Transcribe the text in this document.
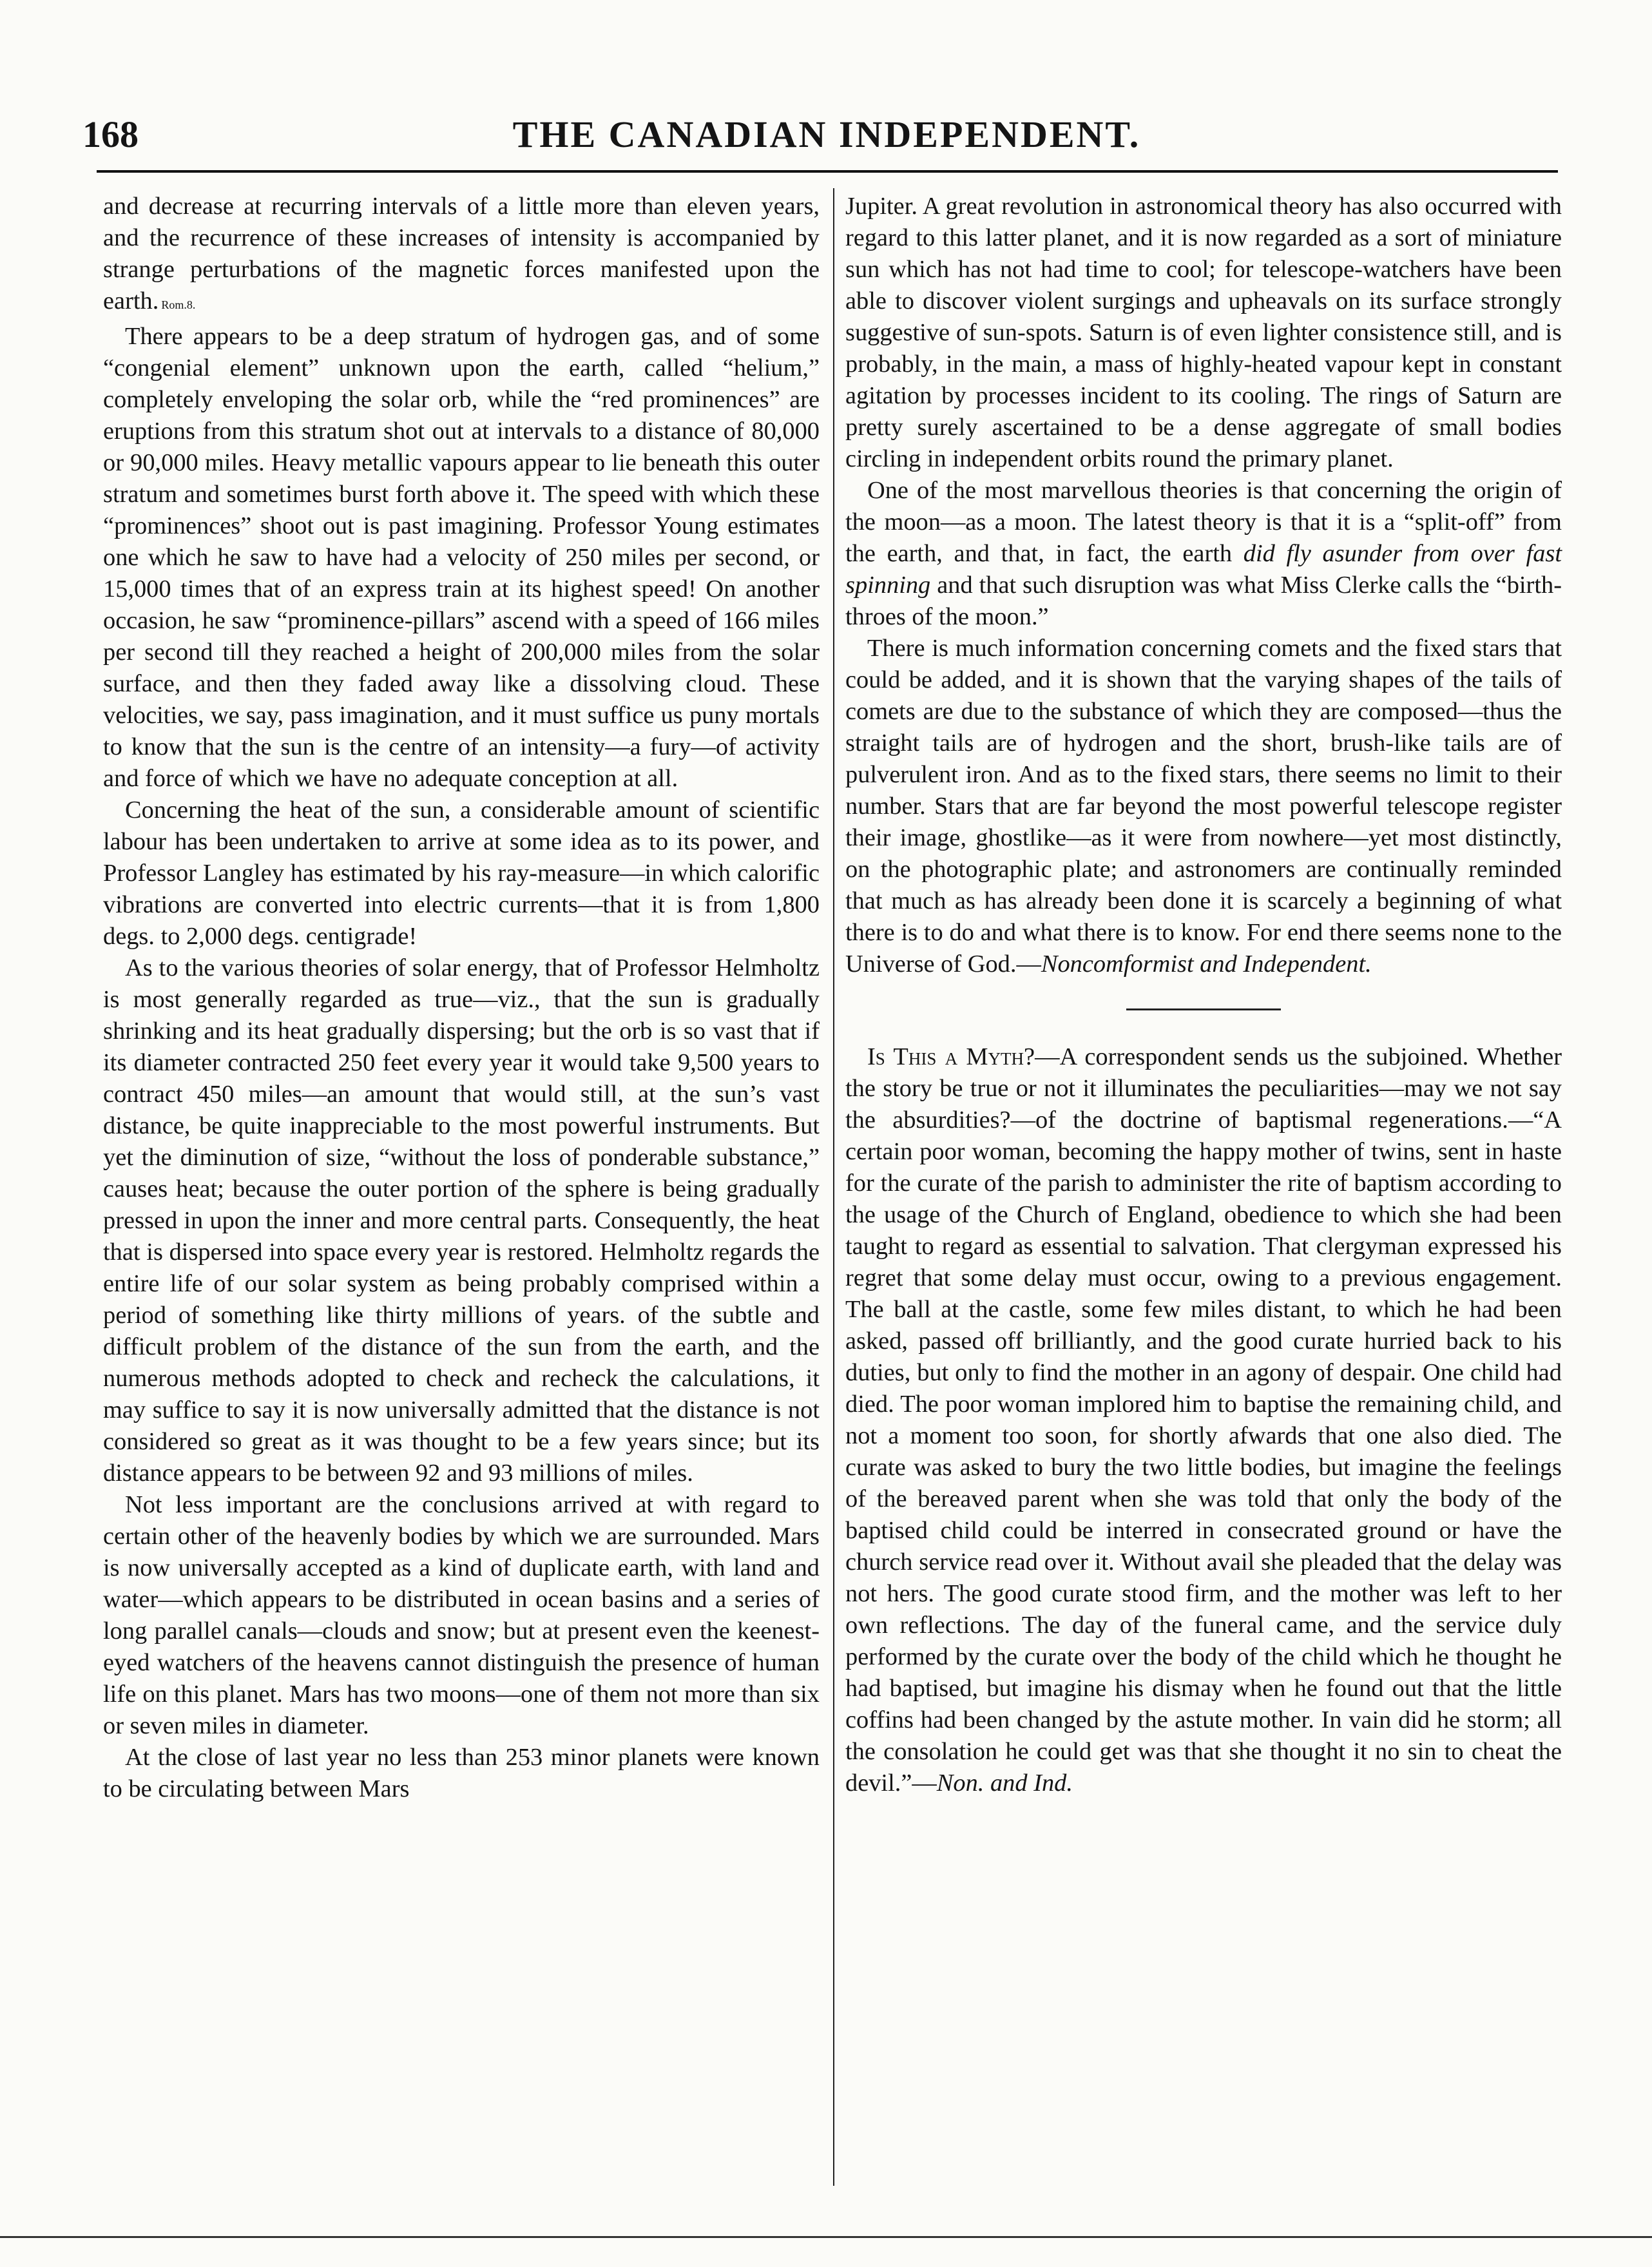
168	THE CANADIAN INDEPENDENT.

and decrease at recurring intervals of a little more than eleven years, and the recurrence of these increases of intensity is accompanied by strange perturbations of the magnetic forces manifested upon the earth. Rom.8.

There appears to be a deep stratum of hydrogen gas, and of some “congenial element” unknown upon the earth, called “helium,” completely enveloping the solar orb, while the “red prominences” are eruptions from this stratum shot out at intervals to a distance of 80,000 or 90,000 miles. Heavy metallic vapours appear to lie beneath this outer stratum and sometimes burst forth above it. The speed with which these “prominences” shoot out is past imagining. Professor Young estimates one which he saw to have had a velocity of 250 miles per second, or 15,000 times that of an express train at its highest speed! On another occasion, he saw “prominence-pillars” ascend with a speed of 166 miles per second till they reached a height of 200,000 miles from the solar surface, and then they faded away like a dissolving cloud. These velocities, we say, pass imagination, and it must suffice us puny mortals to know that the sun is the centre of an intensity—a fury—of activity and force of which we have no adequate conception at all.

Concerning the heat of the sun, a considerable amount of scientific labour has been undertaken to arrive at some idea as to its power, and Professor Langley has estimated by his ray-measure—in which calorific vibrations are converted into electric currents—that it is from 1,800 degs. to 2,000 degs. centigrade!

As to the various theories of solar energy, that of Professor Helmholtz is most generally regarded as true—viz., that the sun is gradually shrinking and its heat gradually dispersing; but the orb is so vast that if its diameter contracted 250 feet every year it would take 9,500 years to contract 450 miles—an amount that would still, at the sun’s vast distance, be quite inappreciable to the most powerful instruments. But yet the diminution of size, “without the loss of ponderable substance,” causes heat; because the outer portion of the sphere is being gradually pressed in upon the inner and more central parts. Consequently, the heat that is dispersed into space every year is restored. Helmholtz regards the entire life of our solar system as being probably comprised within a period of something like thirty millions of years. of the subtle and difficult problem of the distance of the sun from the earth, and the numerous methods adopted to check and recheck the calculations, it may suffice to say it is now universally admitted that the distance is not considered so great as it was thought to be a few years since; but its distance appears to be between 92 and 93 millions of miles.

Not less important are the conclusions arrived at with regard to certain other of the heavenly bodies by which we are surrounded. Mars is now universally accepted as a kind of duplicate earth, with land and water—which appears to be distributed in ocean basins and a series of long parallel canals—clouds and snow; but at present even the keenest-eyed watchers of the heavens cannot distinguish the presence of human life on this planet. Mars has two moons—one of them not more than six or seven miles in diameter.

At the close of last year no less than 253 minor planets were known to be circulating between Mars

Jupiter. A great revolution in astronomical theory has also occurred with regard to this latter planet, and it is now regarded as a sort of miniature sun which has not had time to cool; for telescope-watchers have been able to discover violent surgings and upheavals on its surface strongly suggestive of sun-spots. Saturn is of even lighter consistence still, and is probably, in the main, a mass of highly-heated vapour kept in constant agitation by processes incident to its cooling. The rings of Saturn are pretty surely ascertained to be a dense aggregate of small bodies circling in independent orbits round the primary planet.

One of the most marvellous theories is that concerning the origin of the moon—as a moon. The latest theory is that it is a “split-off” from the earth, and that, in fact, the earth did fly asunder from over fast spinning and that such disruption was what Miss Clerke calls the “birth-throes of the moon.”

There is much information concerning comets and the fixed stars that could be added, and it is shown that the varying shapes of the tails of comets are due to the substance of which they are composed—thus the straight tails are of hydrogen and the short, brush-like tails are of pulverulent iron. And as to the fixed stars, there seems no limit to their number. Stars that are far beyond the most powerful telescope register their image, ghostlike—as it were from nowhere—yet most distinctly, on the photographic plate; and astronomers are continually reminded that much as has already been done it is scarcely a beginning of what there is to do and what there is to know. For end there seems none to the Universe of God.—Noncomformist and Independent.

Is This a Myth?—A correspondent sends us the subjoined. Whether the story be true or not it illuminates the peculiarities—may we not say the absurdities?—of the doctrine of baptismal regenerations.—“A certain poor woman, becoming the happy mother of twins, sent in haste for the curate of the parish to administer the rite of baptism according to the usage of the Church of England, obedience to which she had been taught to regard as essential to salvation. That clergyman expressed his regret that some delay must occur, owing to a previous engagement. The ball at the castle, some few miles distant, to which he had been asked, passed off brilliantly, and the good curate hurried back to his duties, but only to find the mother in an agony of despair. One child had died. The poor woman implored him to baptise the remaining child, and not a moment too soon, for shortly afwards that one also died. The curate was asked to bury the two little bodies, but imagine the feelings of the bereaved parent when she was told that only the body of the baptised child could be interred in consecrated ground or have the church service read over it. Without avail she pleaded that the delay was not hers. The good curate stood firm, and the mother was left to her own reflections. The day of the funeral came, and the service duly performed by the curate over the body of the child which he thought he had baptised, but imagine his dismay when he found out that the little coffins had been changed by the astute mother. In vain did he storm; all the consolation he could get was that she thought it no sin to cheat the devil.”—Non. and Ind.
